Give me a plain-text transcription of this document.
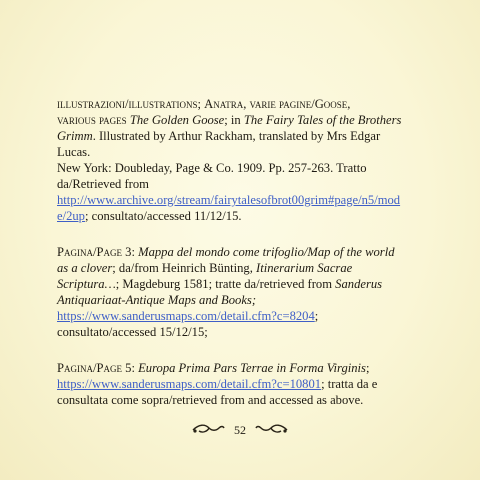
illustrazioni/illustrations; Anatra, varie pagine/Goose,

various pages The Golden Goose; in The Fairy Tales of the Brothers

Grimm. Illustrated by Arthur Rackham, translated by Mrs Edgar Lucas.

New York: Doubleday, Page & Co. 1909. Pp. 257-263. Tratto

da/Retrieved from

http://www.archive.org/stream/fairytalesofbrot00grim#page/n5/mode/2up; consultato/accessed 11/12/15.

Pagina/Page 3: Mappa del mondo come trifoglio/Map of the world as a clover; da/from Heinrich Bünting, Itinerarium Sacrae Scriptura…; Magdeburg 1581; tratte da/retrieved from Sanderus Antiquariaat-Antique Maps and Books;
https://www.sanderusmaps.com/detail.cfm?c=8204; consultato/accessed 15/12/15;

Pagina/Page 5: Europa Prima Pars Terrae in Forma Virginis;
https://www.sanderusmaps.com/detail.cfm?c=10801; tratta da e consultata come sopra/retrieved from and accessed as above.

52
